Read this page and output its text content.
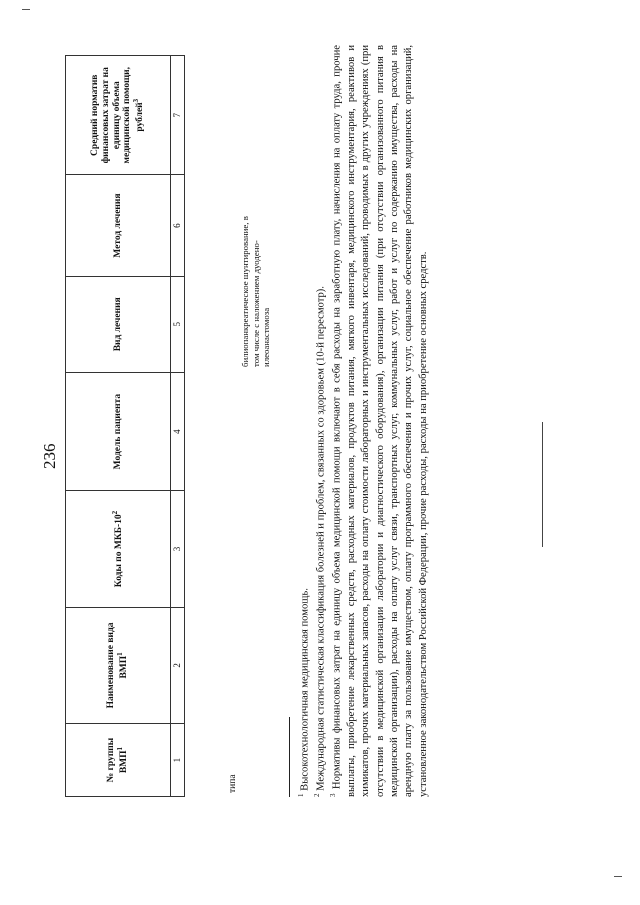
236
№ группы ВМП$^1$	Наименование вида ВМП$^1$	Коды по МКБ-$10^2$	Модель пациента	Вид лечения	Метод лечения	Средний норматив финансовых затрат на единицу объема медицинской помощи, рублей$^3$
1	2	3	4	5	6	7
типа
билиопанкреатическое шунтирование, в том числе с наложением дуодено-илеоанастомоза

$^1$ Высокотехнологичная медицинская помощь.

$^2$ Международная статистическая классификация болезней и проблем, связанных со здоровьем (10-й пересмотр).

$^3$ Нормативы финансовых затрат на единицу объема медицинской помощи включают в себя расходы на заработную плату, начисления на оплату труда, прочие выплаты, приобретение лекарственных средств, расходных материалов, продуктов питания, мягкого инвентаря, медицинского инструментария, реактивов и химикатов, прочих материальных запасов, расходы на оплату стоимости лабораторных и инструментальных исследований, проводимых в других учреждениях (при отсутствии в медицинской организации лаборатории и диагностического оборудования), организации питания (при отсутствии организованного питания в медицинской организации), расходы на оплату услуг связи, транспортных услуг, коммунальных услуг, работ и услуг по содержанию имущества, расходы на арендную плату за пользование имуществом, оплату программного обеспечения и прочих услуг, социальное обеспечение работников медицинских организаций, установленное законодательством Российской Федерации, прочие расходы, расходы на приобретение основных средств.
